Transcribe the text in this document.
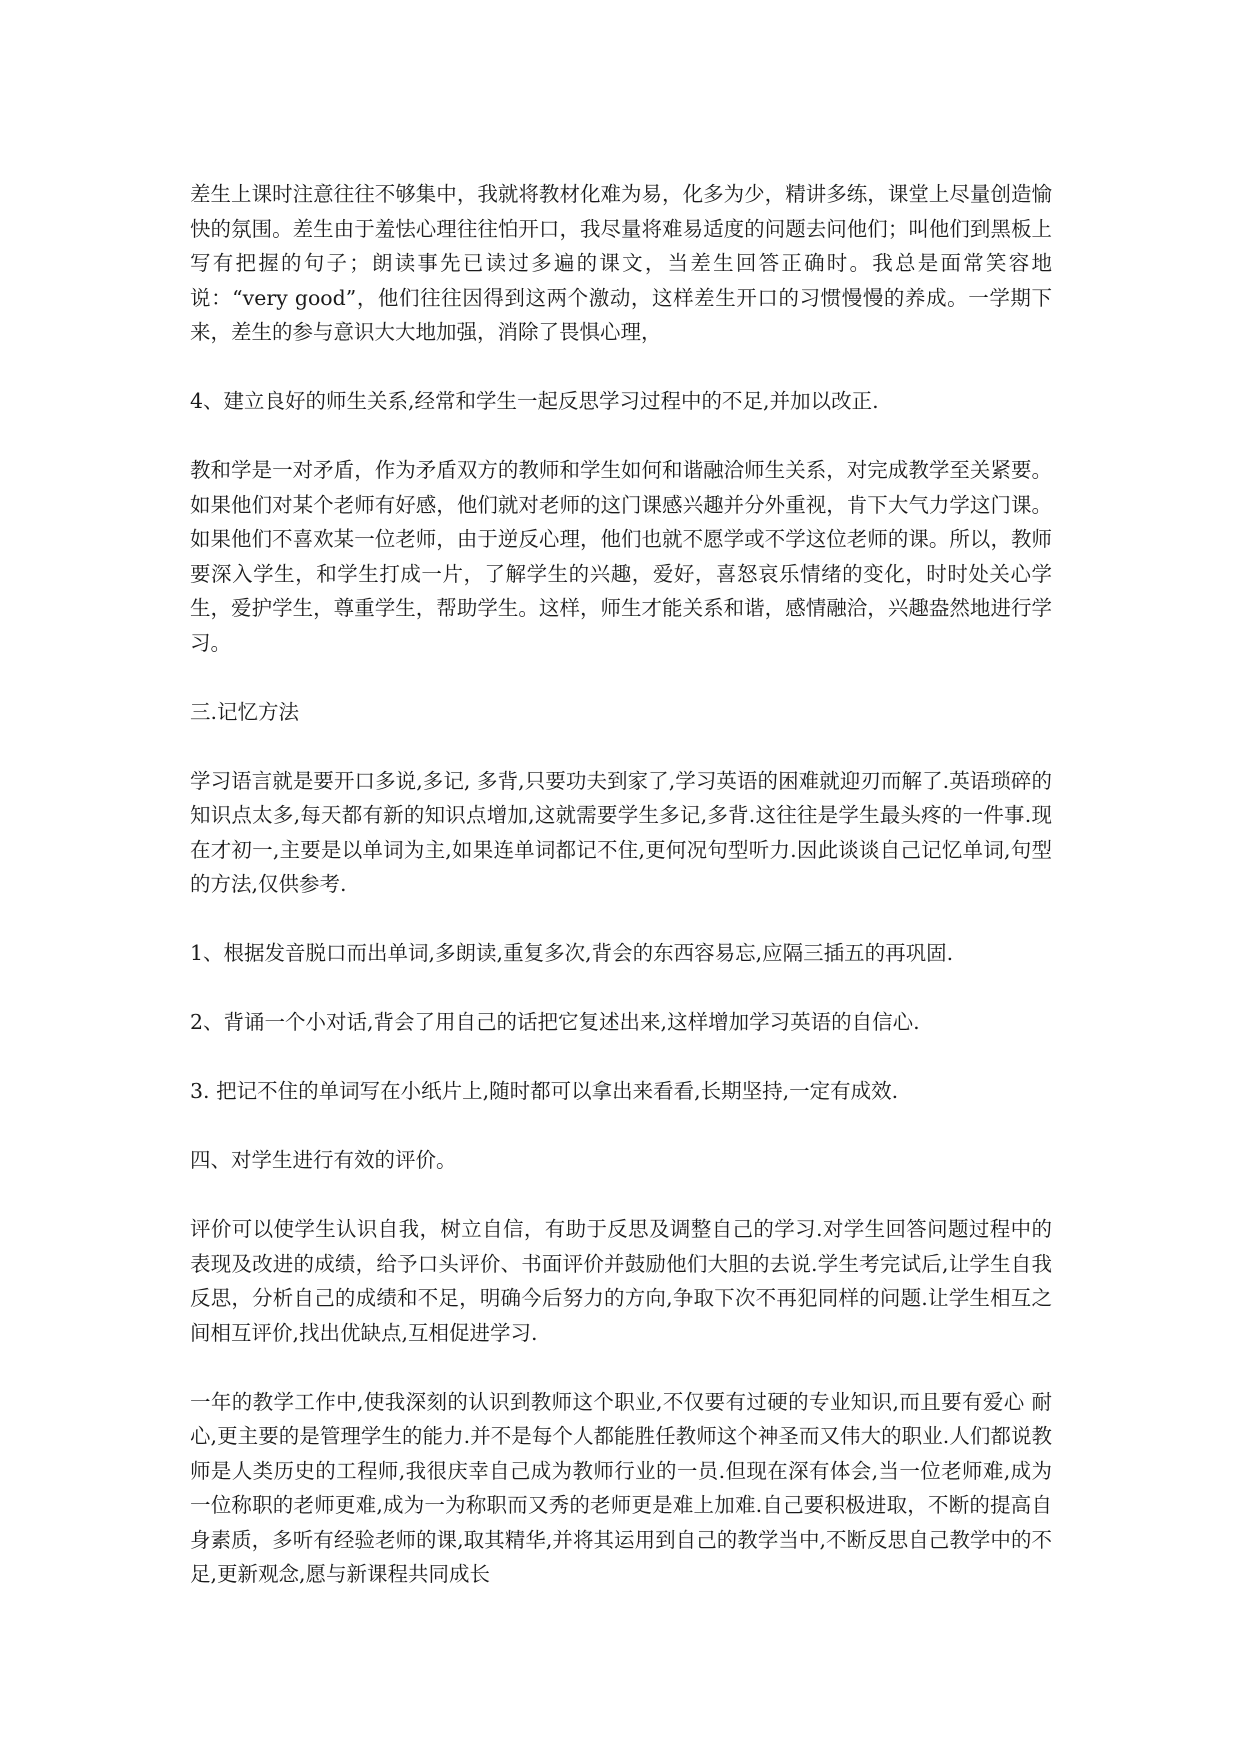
差生上课时注意往往不够集中，我就将教材化难为易，化多为少，精讲多练，课堂上尽量创造愉快的氛围。差生由于羞怯心理往往怕开口，我尽量将难易适度的问题去问他们；叫他们到黑板上写有把握的句子；朗读事先已读过多遍的课文，当差生回答正确时。我总是面常笑容地说：“very good”，他们往往因得到这两个激动，这样差生开口的习惯慢慢的养成。一学期下来，差生的参与意识大大地加强，消除了畏惧心理，

4、建立良好的师生关系,经常和学生一起反思学习过程中的不足,并加以改正.

教和学是一对矛盾，作为矛盾双方的教师和学生如何和谐融洽师生关系，对完成教学至关紧要。如果他们对某个老师有好感，他们就对老师的这门课感兴趣并分外重视，肯下大气力学这门课。如果他们不喜欢某一位老师，由于逆反心理，他们也就不愿学或不学这位老师的课。所以，教师要深入学生，和学生打成一片，了解学生的兴趣，爱好，喜怒哀乐情绪的变化，时时处关心学生，爱护学生，尊重学生，帮助学生。这样，师生才能关系和谐，感情融洽，兴趣盎然地进行学习。

三.记忆方法

学习语言就是要开口多说,多记, 多背,只要功夫到家了,学习英语的困难就迎刃而解了.英语琐碎的知识点太多,每天都有新的知识点增加,这就需要学生多记,多背.这往往是学生最头疼的一件事.现在才初一,主要是以单词为主,如果连单词都记不住,更何况句型听力.因此谈谈自己记忆单词,句型的方法,仅供参考.

1、根据发音脱口而出单词,多朗读,重复多次,背会的东西容易忘,应隔三插五的再巩固.

2、背诵一个小对话,背会了用自己的话把它复述出来,这样增加学习英语的自信心.

3. 把记不住的单词写在小纸片上,随时都可以拿出来看看,长期坚持,一定有成效.

四、对学生进行有效的评价。

评价可以使学生认识自我，树立自信，有助于反思及调整自己的学习.对学生回答问题过程中的表现及改进的成绩，给予口头评价、书面评价并鼓励他们大胆的去说.学生考完试后,让学生自我反思，分析自己的成绩和不足，明确今后努力的方向,争取下次不再犯同样的问题.让学生相互之间相互评价,找出优缺点,互相促进学习.

一年的教学工作中,使我深刻的认识到教师这个职业,不仅要有过硬的专业知识,而且要有爱心 耐心,更主要的是管理学生的能力.并不是每个人都能胜任教师这个神圣而又伟大的职业.人们都说教师是人类历史的工程师,我很庆幸自己成为教师行业的一员.但现在深有体会,当一位老师难,成为一位称职的老师更难,成为一为称职而又秀的老师更是难上加难.自己要积极进取，不断的提高自身素质，多听有经验老师的课,取其精华,并将其运用到自己的教学当中,不断反思自己教学中的不足,更新观念,愿与新课程共同成长
